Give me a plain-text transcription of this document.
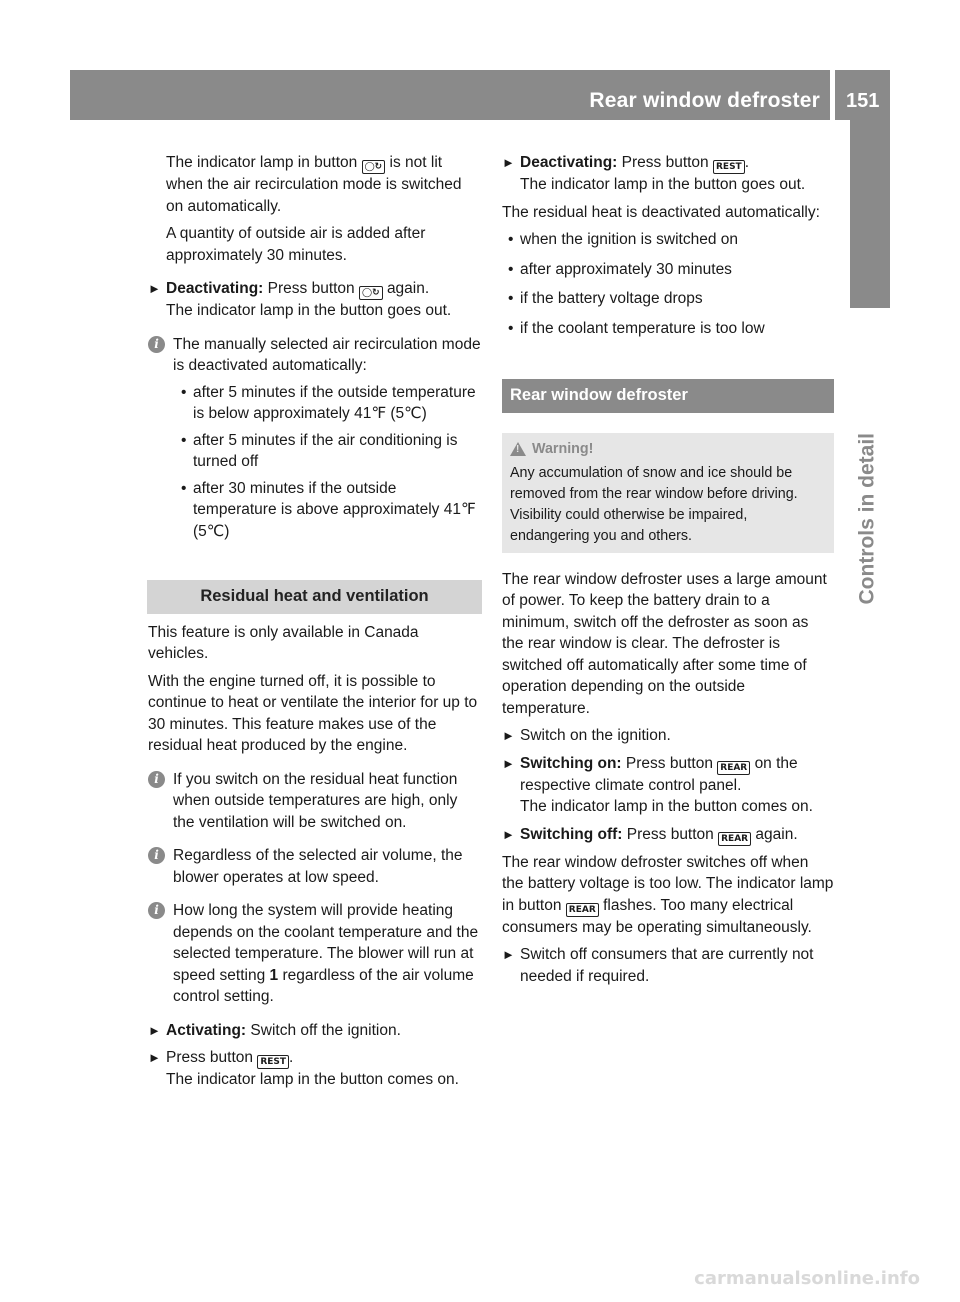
Rear window defroster 151
Controls in detail

The indicator lamp in button ◯↻ is not lit when the air recirculation mode is switched on automatically.

A quantity of outside air is added after approximately 30 minutes.

► Deactivating: Press button ◯↻ again.
The indicator lamp in the button goes out.

i The manually selected air recirculation mode is deactivated automatically:

• after 5 minutes if the outside temperature is below approximately 41℉ (5℃)
• after 5 minutes if the air conditioning is turned off
• after 30 minutes if the outside temperature is above approximately 41℉ (5℃)

Residual heat and ventilation

This feature is only available in Canada vehicles.

With the engine turned off, it is possible to continue to heat or ventilate the interior for up to 30 minutes. This feature makes use of the residual heat produced by the engine.

i If you switch on the residual heat function when outside temperatures are high, only the ventilation will be switched on.

i Regardless of the selected air volume, the blower operates at low speed.

i How long the system will provide heating depends on the coolant temperature and the selected temperature. The blower will run at speed setting 1 regardless of the air volume control setting.

► Activating: Switch off the ignition.

► Press button REST .
The indicator lamp in the button comes on.

► Deactivating: Press button REST .
The indicator lamp in the button goes out.

The residual heat is deactivated automatically:

• when the ignition is switched on
• after approximately 30 minutes
• if the battery voltage drops
• if the coolant temperature is too low

Rear window defroster

!
Warning!

Any accumulation of snow and ice should be removed from the rear window before driving. Visibility could otherwise be impaired, endangering you and others.

The rear window defroster uses a large amount of power. To keep the battery drain to a minimum, switch off the defroster as soon as the rear window is clear. The defroster is switched off automatically after some time of operation depending on the outside temperature.

► Switch on the ignition.

► Switching on: Press button REAR on the respective climate control panel.
The indicator lamp in the button comes on.

► Switching off: Press button REAR again.

The rear window defroster switches off when the battery voltage is too low. The indicator lamp in button REAR flashes. Too many electrical consumers may be operating simultaneously.

► Switch off consumers that are currently not needed if required.

carmanualsonline.info
